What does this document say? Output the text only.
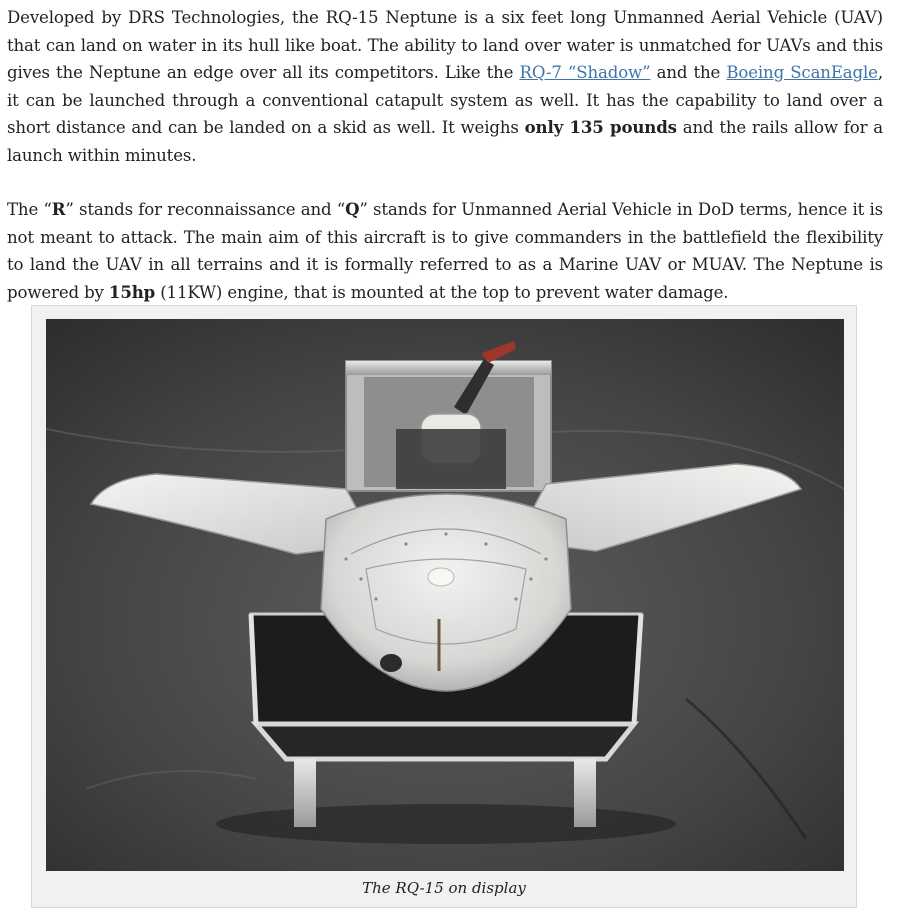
Developed by DRS Technologies, the RQ-15 Neptune is a six feet long Unmanned Aerial Vehicle (UAV) that can land on water in its hull like boat. The ability to land over water is unmatched for UAVs and this gives the Neptune an edge over all its competitors. Like the RQ-7 “Shadow” and the Boeing ScanEagle, it can be launched through a conventional catapult system as well. It has the capability to land over a short distance and can be landed on a skid as well. It weighs only 135 pounds and the rails allow for a launch within minutes.

The “R” stands for reconnaissance and “Q” stands for Unmanned Aerial Vehicle in DoD terms, hence it is not meant to attack. The main aim of this aircraft is to give commanders in the battlefield the flexibility to land the UAV in all terrains and it is formally referred to as a Marine UAV or MUAV. The Neptune is powered by 15hp (11KW) engine, that is mounted at the top to prevent water damage.

The RQ-15 on display
